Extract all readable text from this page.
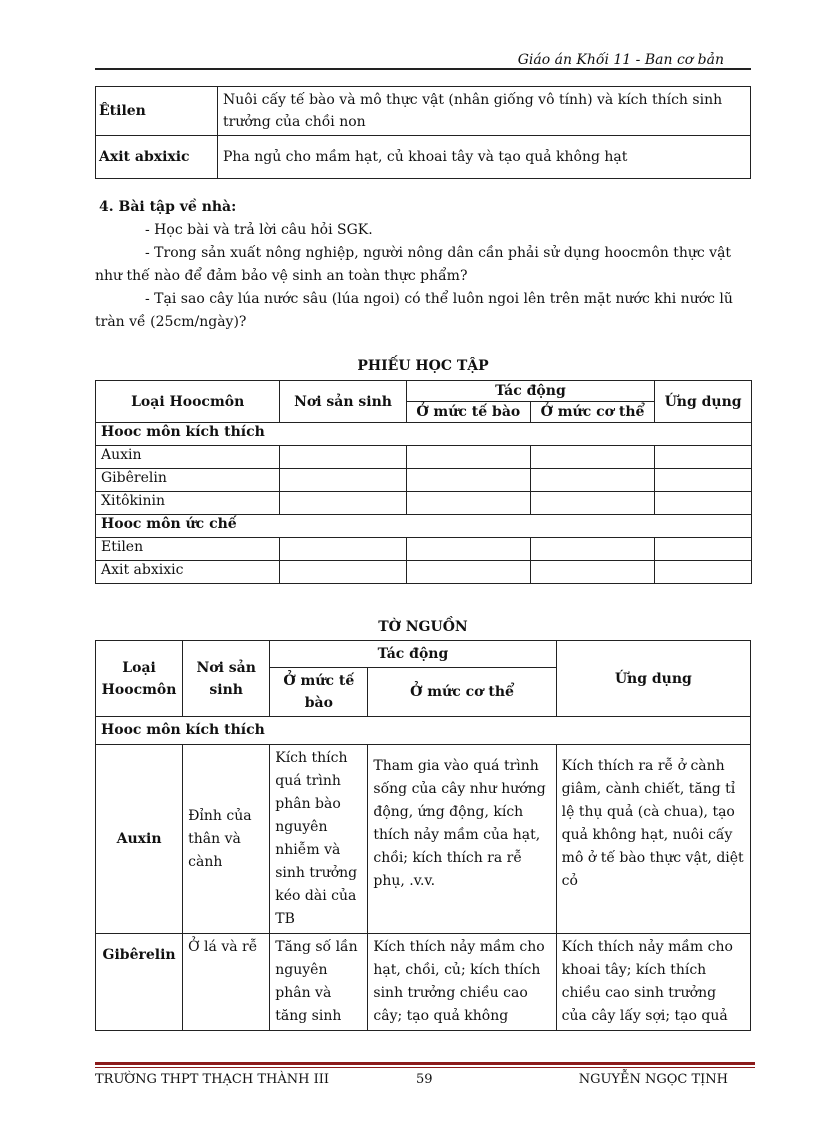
Giáo án Khối 11 - Ban cơ bản
Êtilen	Nuôi cấy tế bào và mô thực vật (nhân giống vô tính) và kích thích sinh trưởng của chồi non
Axit abxixic	Pha ngủ cho mầm hạt, củ khoai tây và tạo quả không hạt
4. Bài tập về nhà:
- Học bài và trả lời câu hỏi SGK.
- Trong sản xuất nông nghiệp, người nông dân cần phải sử dụng hoocmôn thực vật như thế nào để đảm bảo vệ sinh an toàn thực phẩm?
- Tại sao cây lúa nước sâu (lúa ngoi) có thể luôn ngoi lên trên mặt nước khi nước lũ tràn về (25cm/ngày)?
PHIẾU HỌC TẬP
Loại Hoocmôn	Nơi sản sinh	Tác động		Ứng dụng
		Ở mức tế bào	Ở mức cơ thể	
Hooc môn kích thích				
Auxin				
Gibêrelin				
Xitôkinin				
Hooc môn ức chế				
Etilen				
Axit abxixic				
TỜ NGUỒN
Loại Hoocmôn	Nơi sản sinh	Tác động		Ứng dụng
		Ở mức tế bào	Ở mức cơ thể	
Hooc môn kích thích				
Auxin	Đỉnh của thân và cành	Kích thích quá trình phân bào nguyên nhiễm và sinh trưởng kéo dài của TB	Tham gia vào quá trình sống của cây như hướng động, ứng động, kích thích nảy mầm của hạt, chồi; kích thích ra rễ phụ, .v.v.	Kích thích ra rễ ở cành giâm, cành chiết, tăng tỉ lệ thụ quả (cà chua), tạo quả không hạt, nuôi cấy mô ở tế bào thực vật, diệt cỏ
Gibêrelin	Ở lá và rễ	Tăng số lần nguyên phân và tăng sinh	Kích thích nảy mầm cho hạt, chồi, củ; kích thích sinh trưởng chiều cao cây; tạo quả không	Kích thích nảy mầm cho khoai tây; kích thích chiều cao sinh trưởng của cây lấy sợi; tạo quả
TRƯỜNG THPT THẠCH THÀNH III	59	NGUYỄN NGỌC TỊNH
